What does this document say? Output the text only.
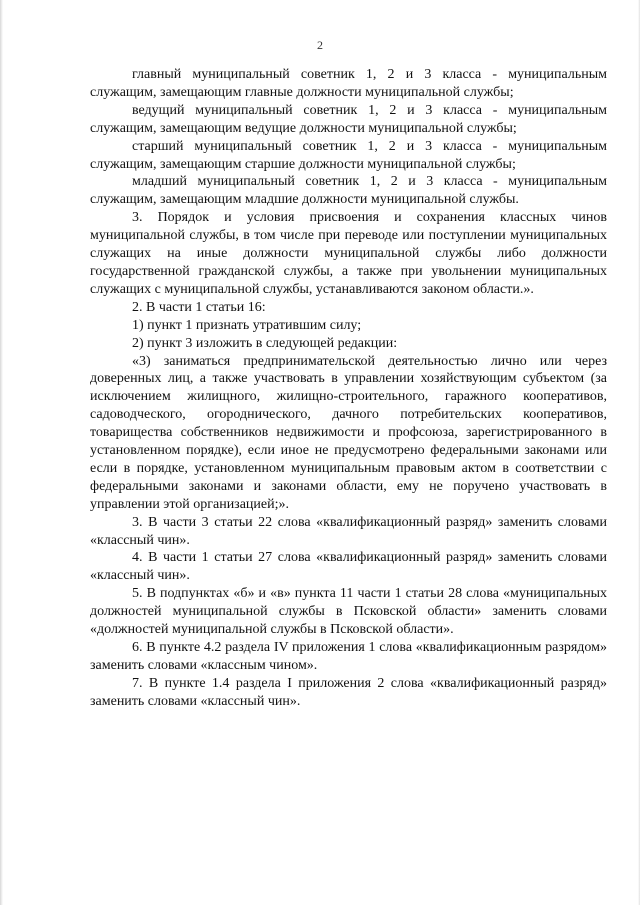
2

главный муниципальный советник 1, 2 и 3 класса - муниципальным служащим, замещающим главные должности муниципальной службы;

ведущий муниципальный советник 1, 2 и 3 класса - муниципальным служащим, замещающим ведущие должности муниципальной службы;

старший муниципальный советник 1, 2 и 3 класса - муниципальным служащим, замещающим старшие должности муниципальной службы;

младший муниципальный советник 1, 2 и 3 класса - муниципальным служащим, замещающим младшие должности муниципальной службы.

3. Порядок и условия присвоения и сохранения классных чинов муниципальной службы, в том числе при переводе или поступлении муниципальных служащих на иные должности муниципальной службы либо должности государственной гражданской службы, а также при увольнении муниципальных служащих с муниципальной службы, устанавливаются законом области.».

2. В части 1 статьи 16:

1) пункт 1 признать утратившим силу;

2) пункт 3 изложить в следующей редакции:

«3) заниматься предпринимательской деятельностью лично или через доверенных лиц, а также участвовать в управлении хозяйствующим субъектом (за исключением жилищного, жилищно-строительного, гаражного кооперативов, садоводческого, огороднического, дачного потребительских кооперативов, товарищества собственников недвижимости и профсоюза, зарегистрированного в установленном порядке), если иное не предусмотрено федеральными законами или если в порядке, установленном муниципальным правовым актом в соответствии с федеральными законами и законами области, ему не поручено участвовать в управлении этой организацией;».

3. В части 3 статьи 22 слова «квалификационный разряд» заменить словами «классный чин».

4. В части 1 статьи 27 слова «квалификационный разряд» заменить словами «классный чин».

5. В подпунктах «б» и «в» пункта 11 части 1 статьи 28 слова «муниципальных должностей муниципальной службы в Псковской области» заменить словами «должностей муниципальной службы в Псковской области».

6. В пункте 4.2 раздела IV приложения 1 слова «квалификационным разрядом» заменить словами «классным чином».

7. В пункте 1.4 раздела I приложения 2 слова «квалификационный разряд» заменить словами «классный чин».
